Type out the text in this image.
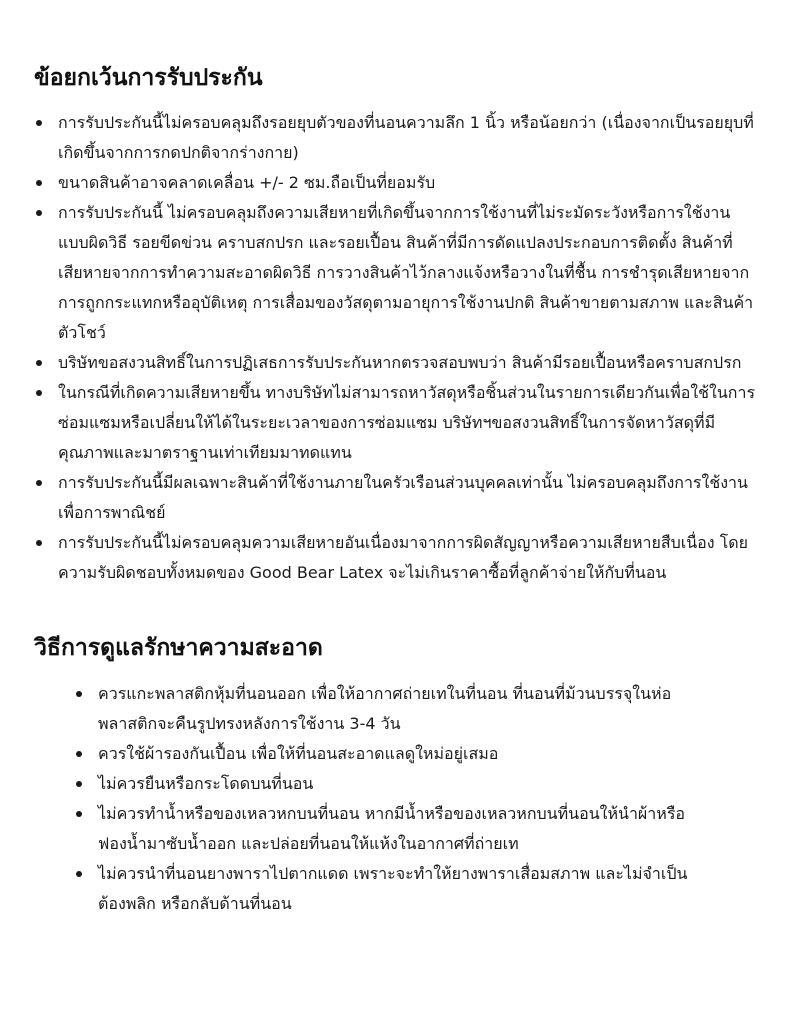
ข้อยกเว้นการรับประกัน
การรับประกันนี้ไม่ครอบคลุมถึงรอยยุบตัวของที่นอนความลึก 1 นิ้ว หรือน้อยกว่า (เนื่องจากเป็นรอยยุบที่เกิดขึ้นจากการกดปกติจากร่างกาย)
ขนาดสินค้าอาจคลาดเคลื่อน +/- 2 ซม.ถือเป็นที่ยอมรับ
การรับประกันนี้ ไม่ครอบคลุมถึงความเสียหายที่เกิดขึ้นจากการใช้งานที่ไม่ระมัดระวังหรือการใช้งานแบบผิดวิธี รอยขีดข่วน คราบสกปรก และรอยเปื้อน สินค้าที่มีการดัดแปลงประกอบการติดตั้ง สินค้าที่เสียหายจากการทำความสะอาดผิดวิธี การวางสินค้าไว้กลางแจ้งหรือวางในที่ชื้น การชำรุดเสียหายจากการถูกกระแทกหรืออุบัติเหตุ การเสื่อมของวัสดุตามอายุการใช้งานปกติ สินค้าขายตามสภาพ และสินค้าตัวโชว์
บริษัทขอสงวนสิทธิ์ในการปฏิเสธการรับประกันหากตรวจสอบพบว่า สินค้ามีรอยเปื้อนหรือคราบสกปรก
ในกรณีที่เกิดความเสียหายขึ้น ทางบริษัทไม่สามารถหาวัสดุหรือชิ้นส่วนในรายการเดียวกันเพื่อใช้ในการซ่อมแซมหรือเปลี่ยนให้ได้ในระยะเวลาของการซ่อมแซม บริษัทฯขอสงวนสิทธิ์ในการจัดหาวัสดุที่มีคุณภาพและมาตราฐานเท่าเทียมมาทดแทน
การรับประกันนี้มีผลเฉพาะสินค้าที่ใช้งานภายในครัวเรือนส่วนบุคคลเท่านั้น ไม่ครอบคลุมถึงการใช้งานเพื่อการพาณิชย์
การรับประกันนี้ไม่ครอบคลุมความเสียหายอันเนื่องมาจากการผิดสัญญาหรือความเสียหายสืบเนื่อง โดยความรับผิดชอบทั้งหมดของ Good Bear Latex จะไม่เกินราคาซื้อที่ลูกค้าจ่ายให้กับที่นอน
วิธีการดูแลรักษาความสะอาด
ควรแกะพลาสติกหุ้มที่นอนออก เพื่อให้อากาศถ่ายเทในที่นอน ที่นอนที่ม้วนบรรจุในห่อพลาสติกจะคืนรูปทรงหลังการใช้งาน 3-4 วัน
ควรใช้ผ้ารองกันเปื้อน เพื่อให้ที่นอนสะอาดแลดูใหม่อยู่เสมอ
ไม่ควรยืนหรือกระโดดบนที่นอน
ไม่ควรทำน้ำหรือของเหลวหกบนที่นอน หากมีน้ำหรือของเหลวหกบนที่นอนให้นำผ้าหรือฟองน้ำมาซับน้ำออก และปล่อยที่นอนให้แห้งในอากาศที่ถ่ายเท
ไม่ควรนำที่นอนยางพาราไปตากแดด เพราะจะทำให้ยางพาราเสื่อมสภาพ และไม่จำเป็นต้องพลิก หรือกลับด้านที่นอน
